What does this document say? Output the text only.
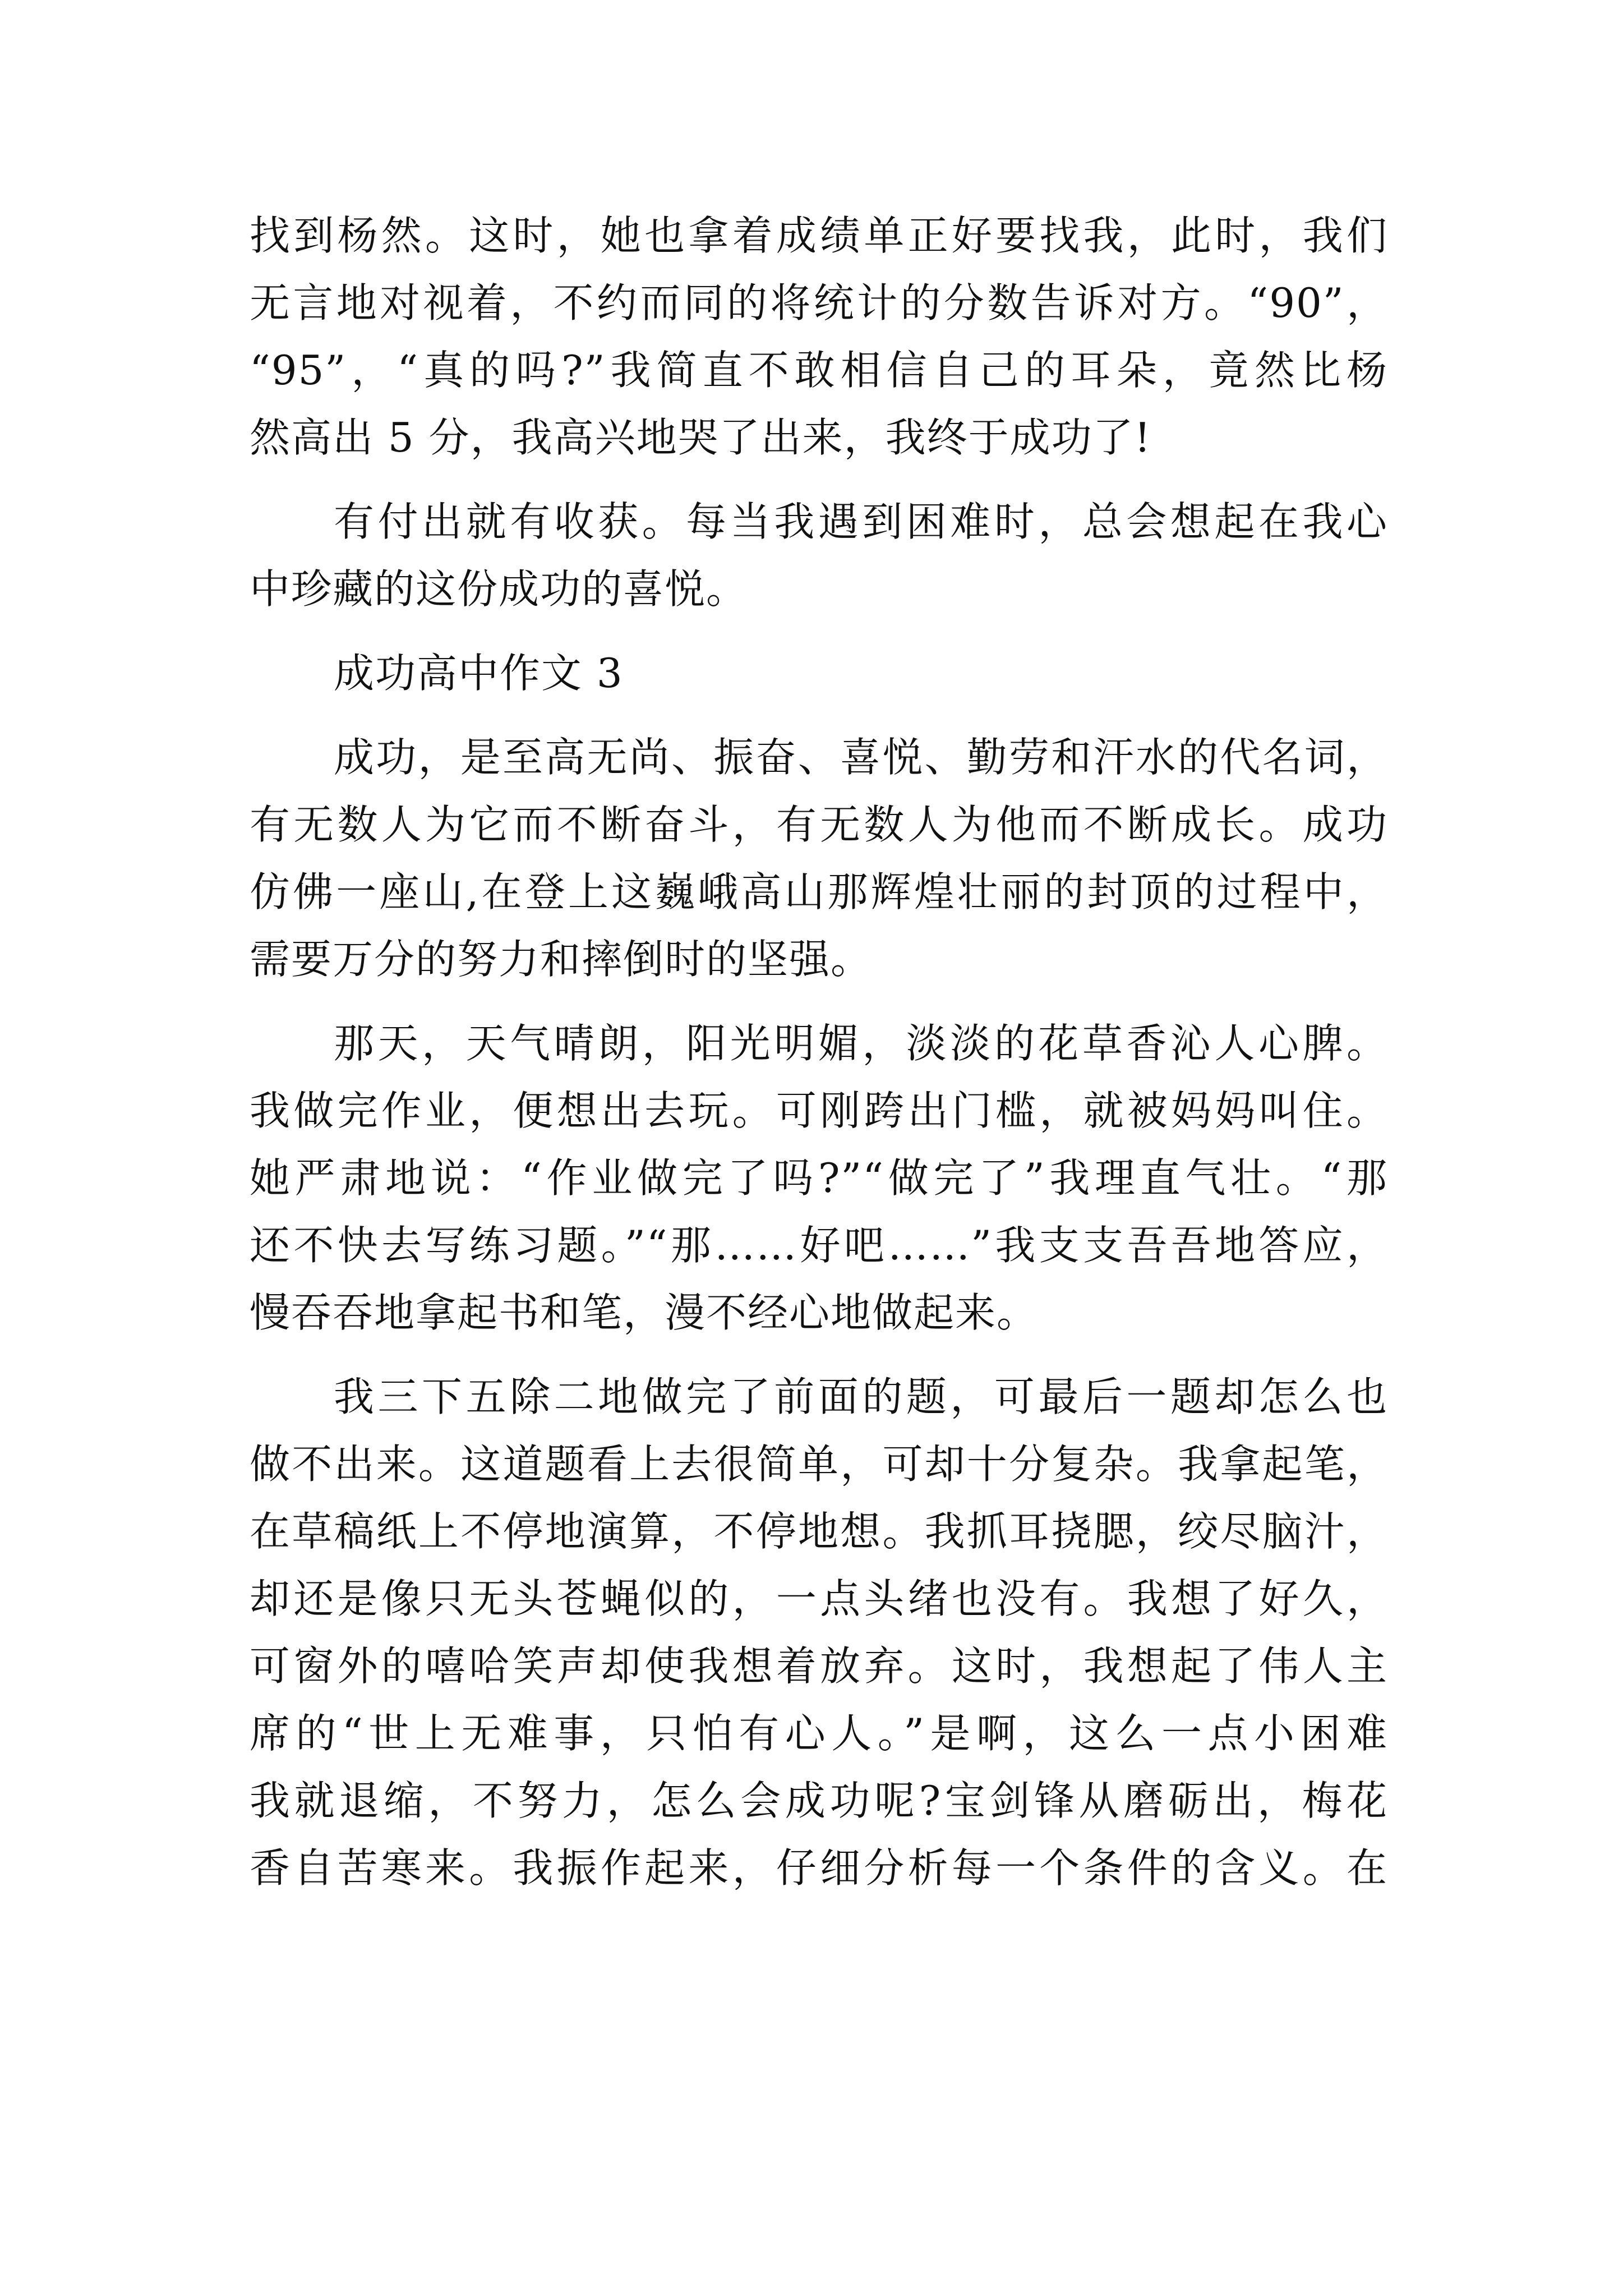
找到杨然。这时，她也拿着成绩单正好要找我，此时，我们
无言地对视着，不约而同的将统计的分数告诉对方。“90”，
“95”，“真的吗?”我简直不敢相信自己的耳朵，竟然比杨
然高出 5 分，我高兴地哭了出来，我终于成功了!
有付出就有收获。每当我遇到困难时，总会想起在我心
中珍藏的这份成功的喜悦。
成功高中作文 3
成功，是至高无尚、振奋、喜悦、勤劳和汗水的代名词，
有无数人为它而不断奋斗，有无数人为他而不断成长。成功
仿佛一座山,在登上这巍峨高山那辉煌壮丽的封顶的过程中，
需要万分的努力和摔倒时的坚强。
那天，天气晴朗，阳光明媚，淡淡的花草香沁人心脾。
我做完作业，便想出去玩。可刚跨出门槛，就被妈妈叫住。
她严肃地说：“作业做完了吗?”“做完了”我理直气壮。“那
还不快去写练习题。”“那……好吧……”我支支吾吾地答应，
慢吞吞地拿起书和笔，漫不经心地做起来。
我三下五除二地做完了前面的题，可最后一题却怎么也
做不出来。这道题看上去很简单，可却十分复杂。我拿起笔，
在草稿纸上不停地演算，不停地想。我抓耳挠腮，绞尽脑汁，
却还是像只无头苍蝇似的，一点头绪也没有。我想了好久，
可窗外的嘻哈笑声却使我想着放弃。这时，我想起了伟人主
席的“世上无难事，只怕有心人。”是啊，这么一点小困难
我就退缩，不努力，怎么会成功呢?宝剑锋从磨砺出，梅花
香自苦寒来。我振作起来，仔细分析每一个条件的含义。在
